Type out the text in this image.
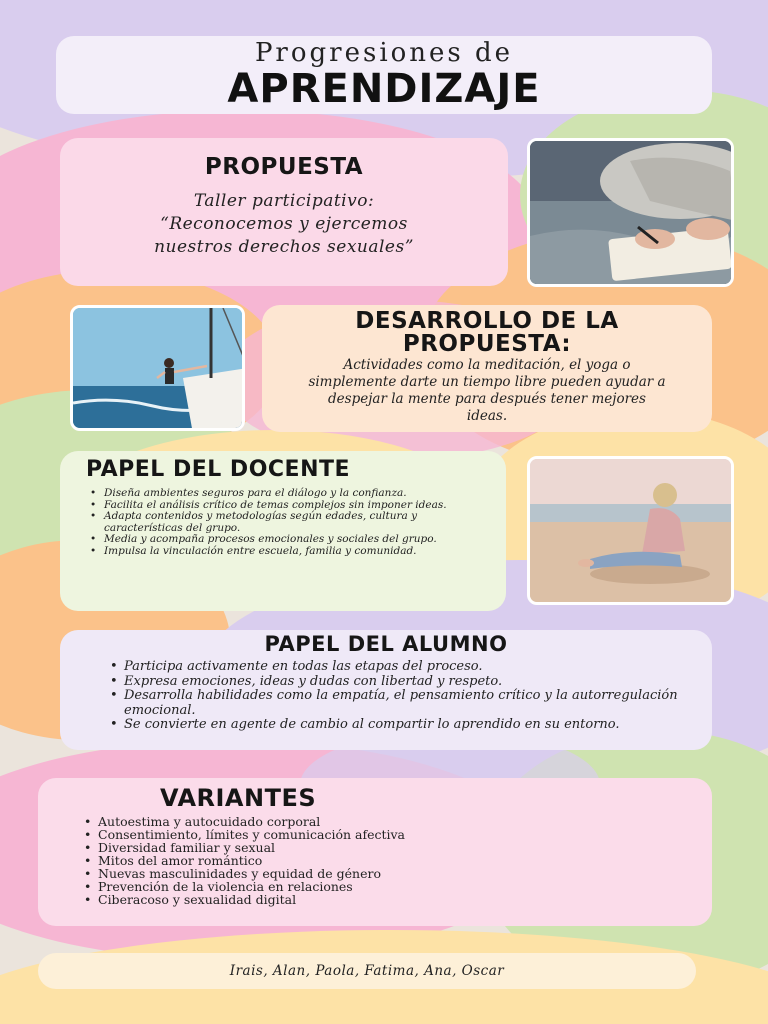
Progresiones de
APRENDIZAJE
PROPUESTA
Taller participativo:
“Reconocemos y ejercemos
nuestros derechos sexuales”
DESARROLLO DE LA
PROPUESTA:
Actividades como la meditación, el yoga o simplemente darte un tiempo libre pueden ayudar a despejar la mente para después tener mejores ideas.
PAPEL DEL DOCENTE
• Diseña ambientes seguros para el diálogo y la confianza.
• Facilita el análisis crítico de temas complejos sin imponer ideas.
• Adapta contenidos y metodologías según edades, cultura y características del grupo.
• Media y acompaña procesos emocionales y sociales del grupo.
• Impulsa la vinculación entre escuela, familia y comunidad.
PAPEL DEL ALUMNO
• Participa activamente en todas las etapas del proceso.
• Expresa emociones, ideas y dudas con libertad y respeto.
• Desarrolla habilidades como la empatía, el pensamiento crítico y la autorregulación emocional.
• Se convierte en agente de cambio al compartir lo aprendido en su entorno.
VARIANTES
• Autoestima y autocuidado corporal
• Consentimiento, límites y comunicación afectiva
• Diversidad familiar y sexual
• Mitos del amor romántico
• Nuevas masculinidades y equidad de género
• Prevención de la violencia en relaciones
• Ciberacoso y sexualidad digital
Irais, Alan, Paola, Fatima, Ana, Oscar
